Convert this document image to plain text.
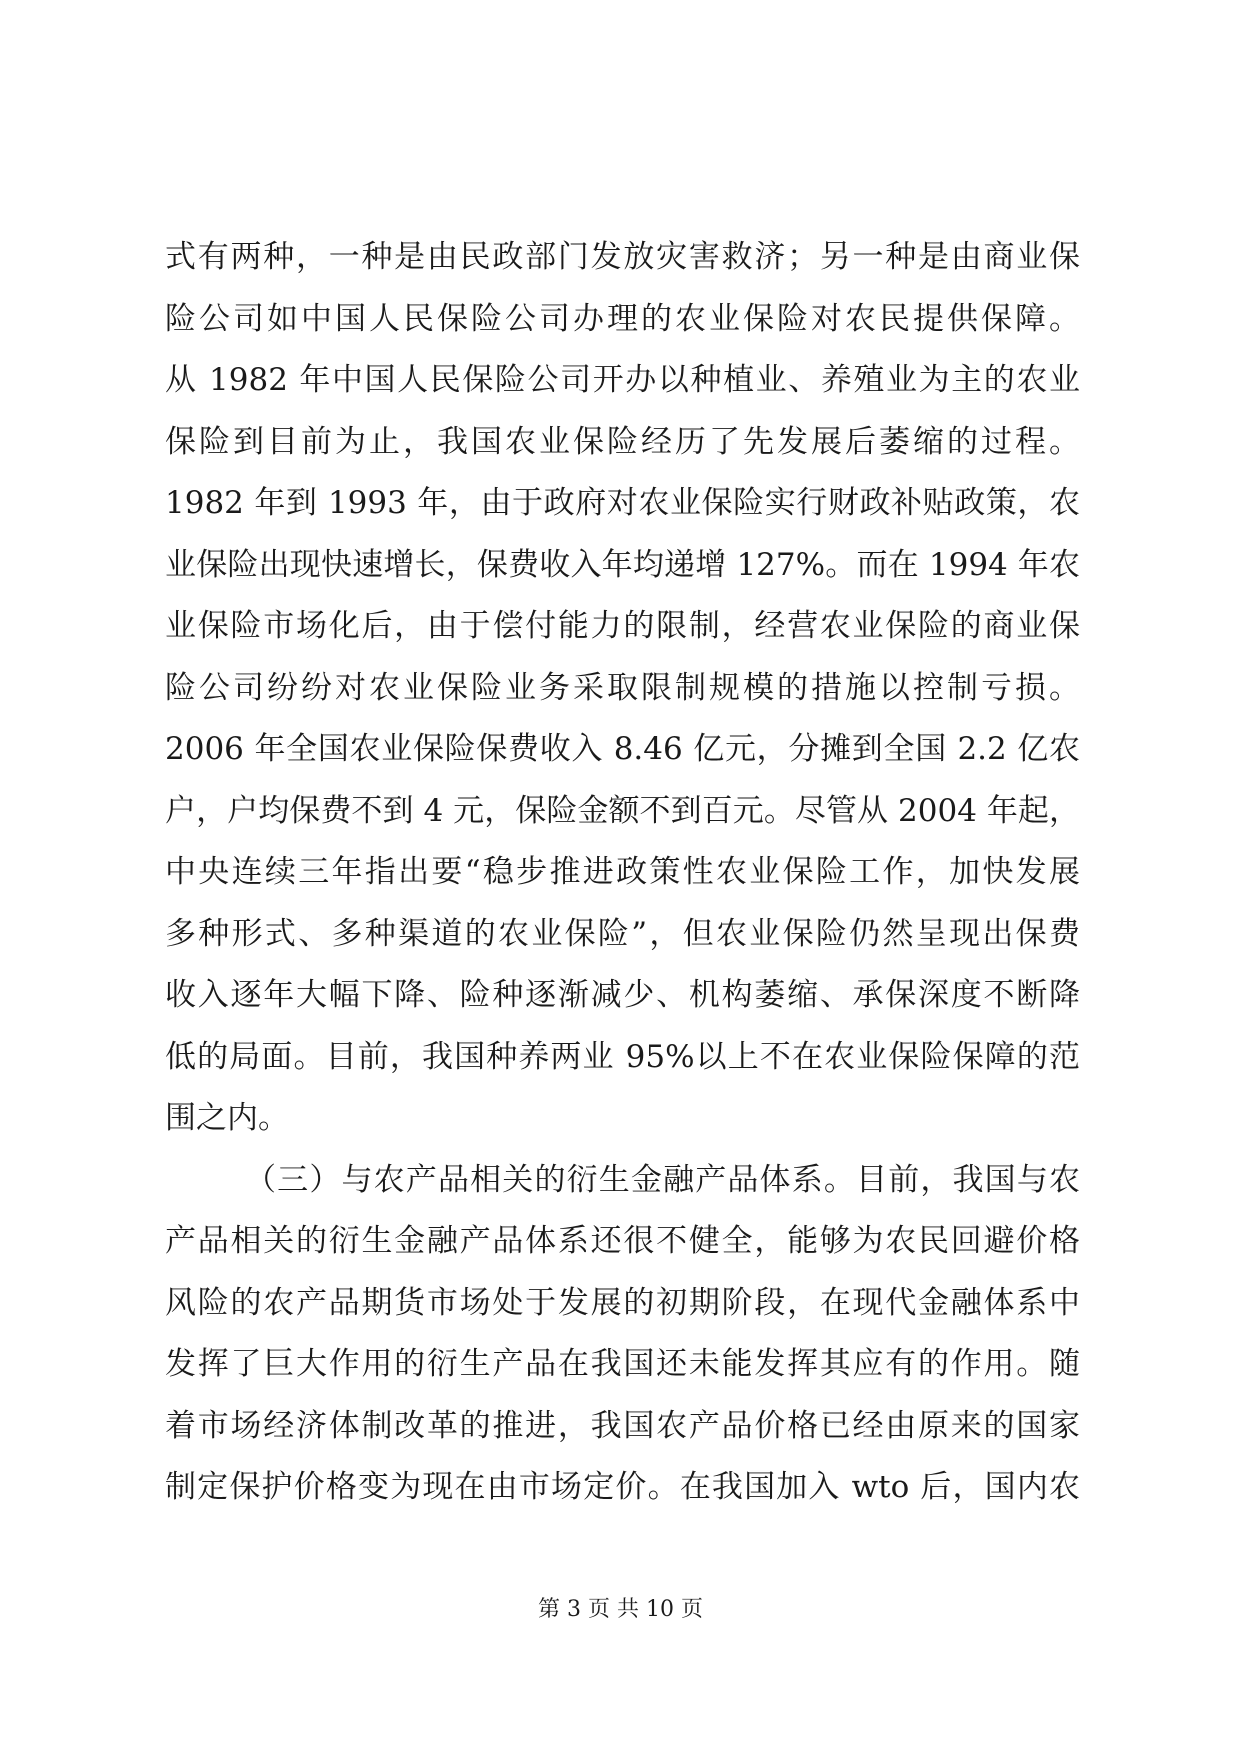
式有两种，一种是由民政部门发放灾害救济；另一种是由商业保
险公司如中国人民保险公司办理的农业保险对农民提供保障。
从 1982 年中国人民保险公司开办以种植业、养殖业为主的农业
保险到目前为止，我国农业保险经历了先发展后萎缩的过程。
1982 年到 1993 年，由于政府对农业保险实行财政补贴政策，农
业保险出现快速增长，保费收入年均递增 127%。而在 1994 年农
业保险市场化后，由于偿付能力的限制，经营农业保险的商业保
险公司纷纷对农业保险业务采取限制规模的措施以控制亏损。
2006 年全国农业保险保费收入 8.46 亿元，分摊到全国 2.2 亿农
户，户均保费不到 4 元，保险金额不到百元。尽管从 2004 年起，
中央连续三年指出要“稳步推进政策性农业保险工作，加快发展
多种形式、多种渠道的农业保险”，但农业保险仍然呈现出保费
收入逐年大幅下降、险种逐渐减少、机构萎缩、承保深度不断降
低的局面。目前，我国种养两业 95%以上不在农业保险保障的范
围之内。
（三）与农产品相关的衍生金融产品体系。目前，我国与农
产品相关的衍生金融产品体系还很不健全，能够为农民回避价格
风险的农产品期货市场处于发展的初期阶段，在现代金融体系中
发挥了巨大作用的衍生产品在我国还未能发挥其应有的作用。随
着市场经济体制改革的推进，我国农产品价格已经由原来的国家
制定保护价格变为现在由市场定价。在我国加入 wto 后，国内农
第 3 页 共 10 页
